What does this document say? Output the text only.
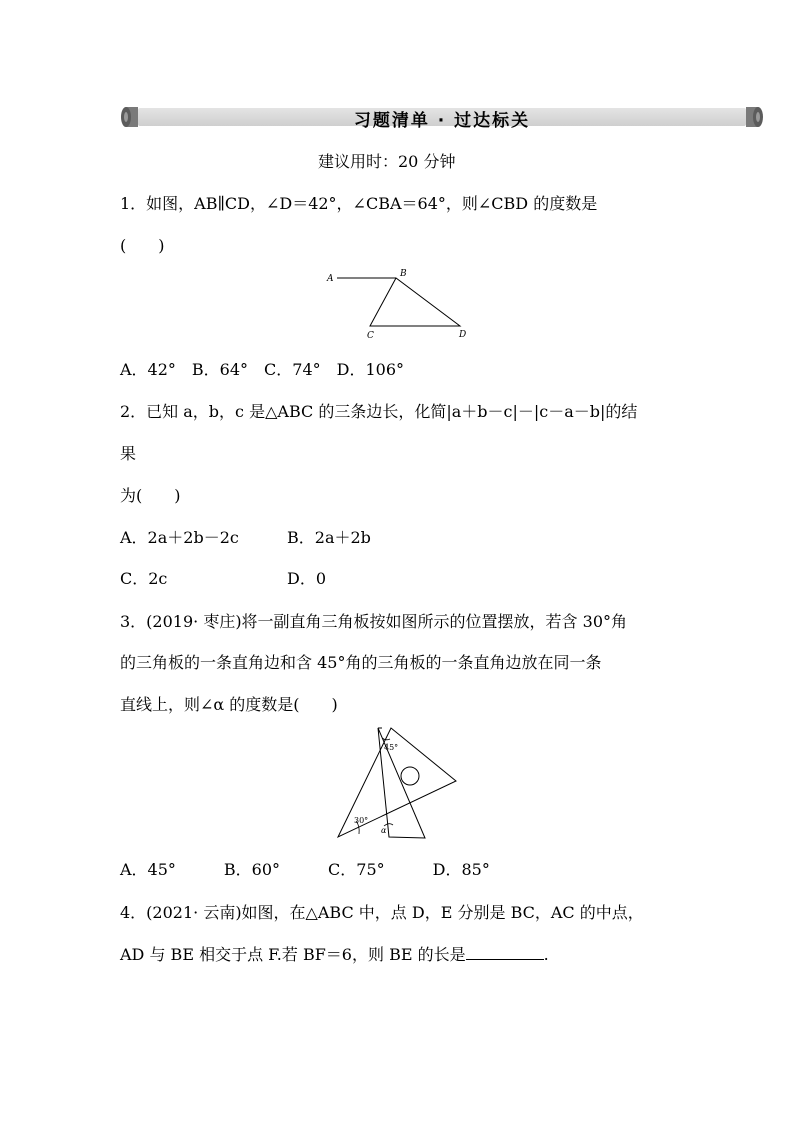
习题清单 · 过达标关
建议用时：20 分钟
1．如图，AB∥CD，∠D＝42°，∠CBA＝64°，则∠CBD 的度数是
(　　)
A	B
C	D
A．42°　B．64°　C．74°　D．106°
2．已知 a，b，c 是△ABC 的三条边长，化简|a＋b－c|－|c－a－b|的结
果
为(　　)
A．2a＋2b－2c	B．2a＋2b
C．2c	D．0
3．(2019· 枣庄)将一副直角三角板按如图所示的位置摆放，若含 30°角
的三角板的一条直角边和含 45°角的三角板的一条直角边放在同一条
直线上，则∠α 的度数是(　　)
45°
30°
α
A．45°　　　B．60°　　　C．75°　　　D．85°
4．(2021· 云南)如图，在△ABC 中，点 D，E 分别是 BC，AC 的中点，
AD 与 BE 相交于点 F.若 BF＝6，则 BE 的长是	.
